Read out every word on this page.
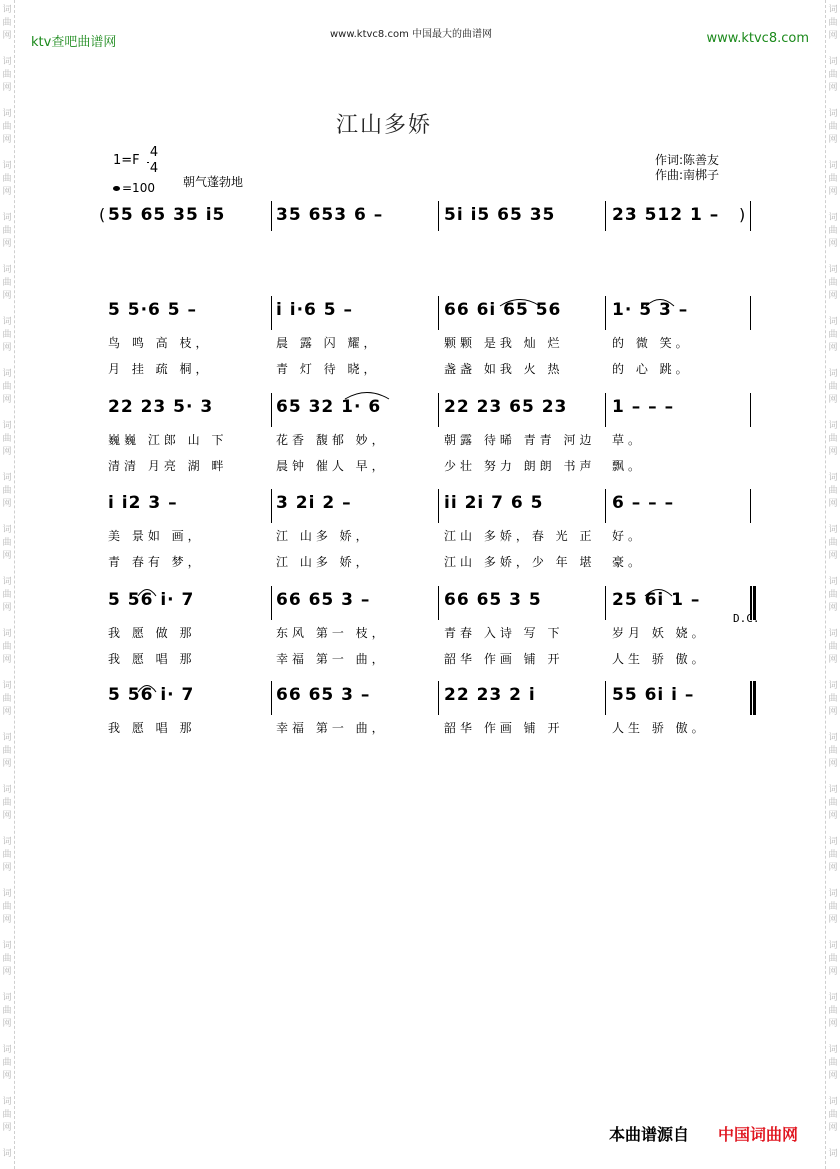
词
曲
网
词
曲
网
词
曲
网
词
曲
网
词
曲
网
词
曲
网
词
曲
网
词
曲
网
词
曲
网
词
曲
网
词
曲
网
词
曲
网
词
曲
网
词
曲
网
词
曲
网
词
曲
网
词
曲
网
词
曲
网
词
曲
网
词
曲
网
词
曲
网
词
曲
网
词
词
曲
网
词
曲
网
词
曲
网
词
曲
网
词
曲
网
词
曲
网
词
曲
网
词
曲
网
词
曲
网
词
曲
网
词
曲
网
词
曲
网
词
曲
网
词
曲
网
词
曲
网
词
曲
网
词
曲
网
词
曲
网
词
曲
网
词
曲
网
词
曲
网
词
曲
网
词
ktv查吧曲谱网
www.ktvc8.com 中国最大的曲谱网	www.ktvc8.com
江山多娇
1=F
4
4
=100 朝气蓬勃地
作词:陈善友
作曲:南梆子
55 65 35 i5	35 653 6 –	5i i5 65 35	23 512 1 –
5 5·6 5 –	i i·6 5 –	66 6i 65 56	1· 5 3 –
鸟 鸣 高 枝，	晨 露 闪 耀，	颗颗 是我 灿 烂	的 微 笑。
月 挂 疏 桐，	青 灯 待 晓，	盏盏 如我 火 热	的 心 跳。
22 23 5· 3	65 32 1· 6	22 23 65 23	1 – – –
巍巍 江郎 山 下	花香 馥郁 妙，	朝露 待晞 青青 河边 草。
清清 月亮 湖 畔	晨钟 催人 早，	少壮 努力 朗朗 书声 飘。
i i2 3 –	3 2i 2 –	ii 2i 7 6 5	6 – – –
美 景如 画，	江 山多 娇，	江山 多娇，春 光 正 好。
青 春有 梦，	江 山多 娇，	江山 多娇，少 年 堪 豪。
5 56 i· 7	66 65 3 –	66 65 3 5	25 6i 1 –
我 愿 做 那	东风 第一 枝，	青春 入诗 写 下	岁月 妖 娆。
我 愿 唱 那	幸福 第一 曲，	韶华 作画 铺 开	人生 骄 傲。
D.C.
5 56 i· 7	66 65 3 –	22 23 2 i	55 6i i –
我 愿 唱 那	幸福 第一 曲，	韶华 作画 铺 开	人生 骄 傲。
(	)
本曲谱源自 中国词曲网
